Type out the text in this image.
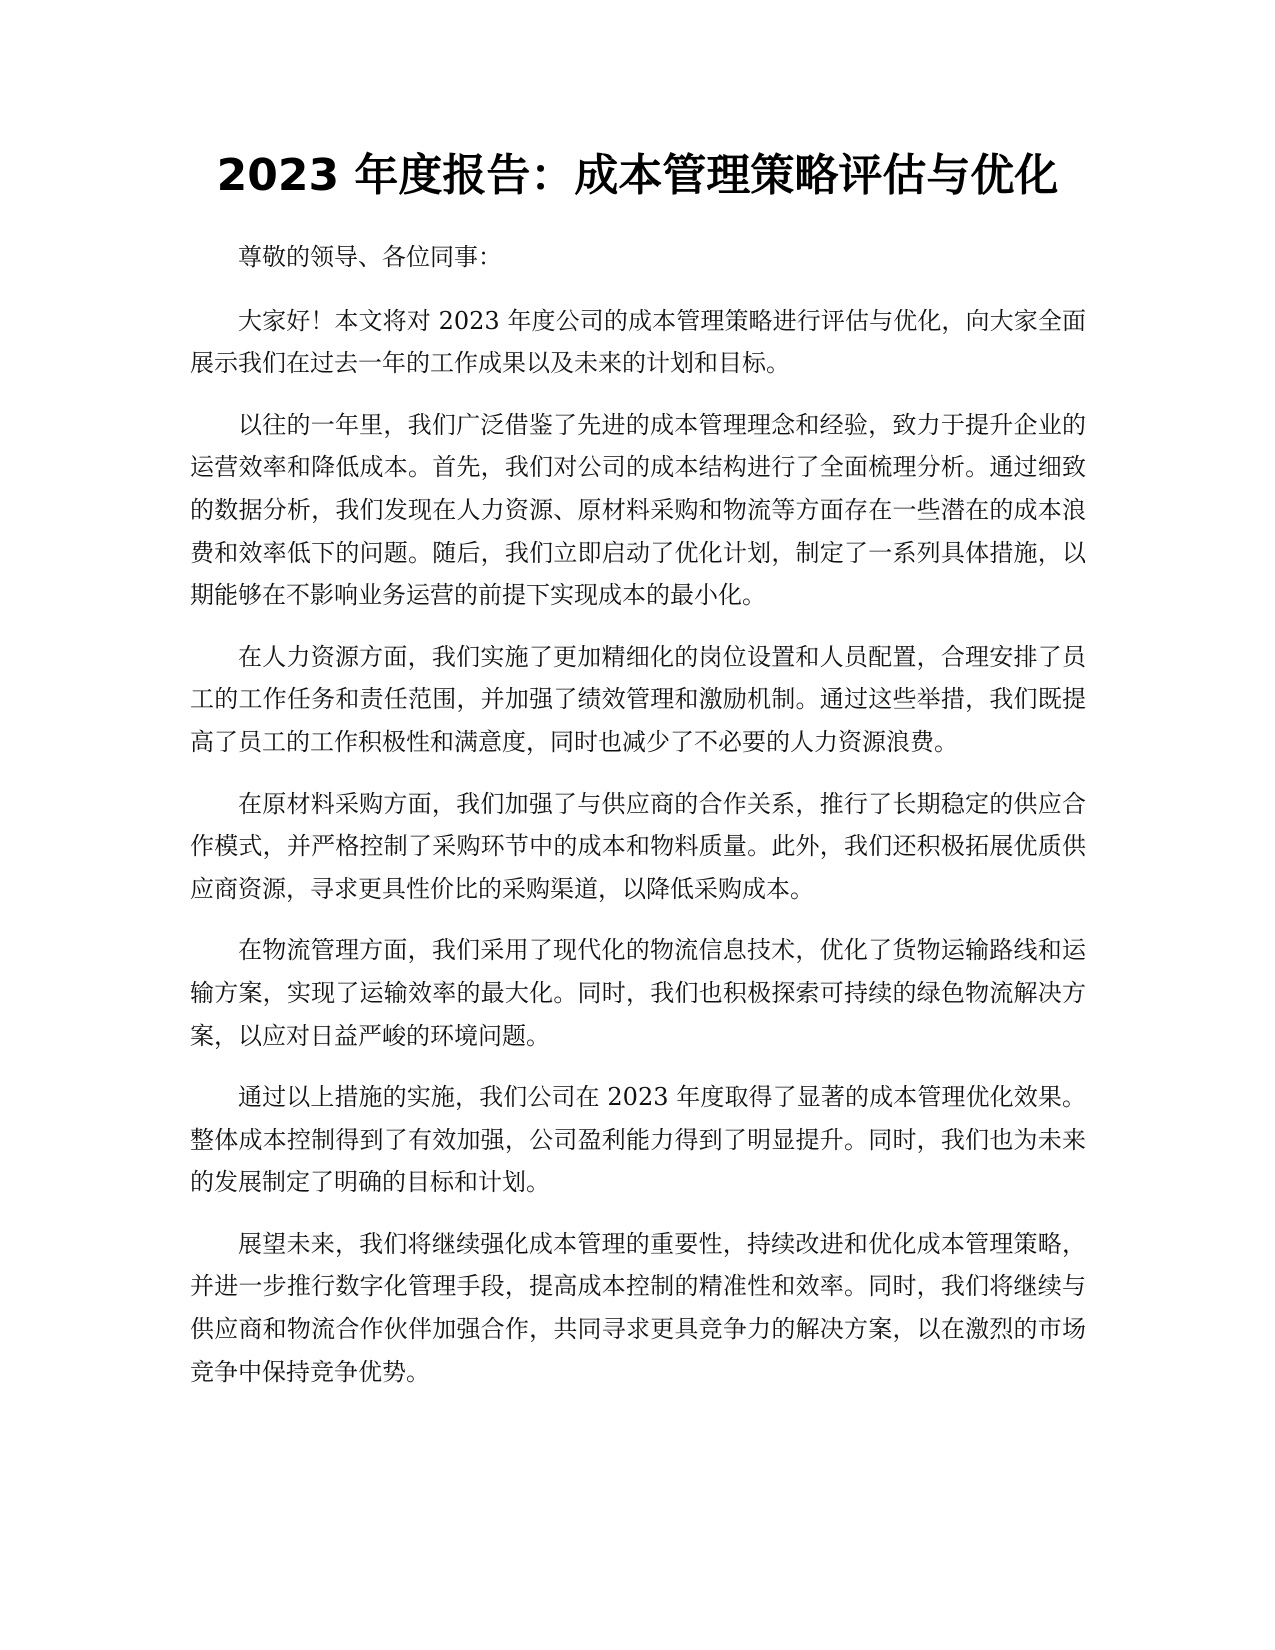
2023 年度报告：成本管理策略评估与优化

尊敬的领导、各位同事：

大家好！本文将对 2023 年度公司的成本管理策略进行评估与优化，向大家全面展示我们在过去一年的工作成果以及未来的计划和目标。

以往的一年里，我们广泛借鉴了先进的成本管理理念和经验，致力于提升企业的运营效率和降低成本。首先，我们对公司的成本结构进行了全面梳理分析。通过细致的数据分析，我们发现在人力资源、原材料采购和物流等方面存在一些潜在的成本浪费和效率低下的问题。随后，我们立即启动了优化计划，制定了一系列具体措施，以期能够在不影响业务运营的前提下实现成本的最小化。

在人力资源方面，我们实施了更加精细化的岗位设置和人员配置，合理安排了员工的工作任务和责任范围，并加强了绩效管理和激励机制。通过这些举措，我们既提高了员工的工作积极性和满意度，同时也减少了不必要的人力资源浪费。

在原材料采购方面，我们加强了与供应商的合作关系，推行了长期稳定的供应合作模式，并严格控制了采购环节中的成本和物料质量。此外，我们还积极拓展优质供应商资源，寻求更具性价比的采购渠道，以降低采购成本。

在物流管理方面，我们采用了现代化的物流信息技术，优化了货物运输路线和运输方案，实现了运输效率的最大化。同时，我们也积极探索可持续的绿色物流解决方案，以应对日益严峻的环境问题。

通过以上措施的实施，我们公司在 2023 年度取得了显著的成本管理优化效果。整体成本控制得到了有效加强，公司盈利能力得到了明显提升。同时，我们也为未来的发展制定了明确的目标和计划。

展望未来，我们将继续强化成本管理的重要性，持续改进和优化成本管理策略，并进一步推行数字化管理手段，提高成本控制的精准性和效率。同时，我们将继续与供应商和物流合作伙伴加强合作，共同寻求更具竞争力的解决方案，以在激烈的市场竞争中保持竞争优势。
